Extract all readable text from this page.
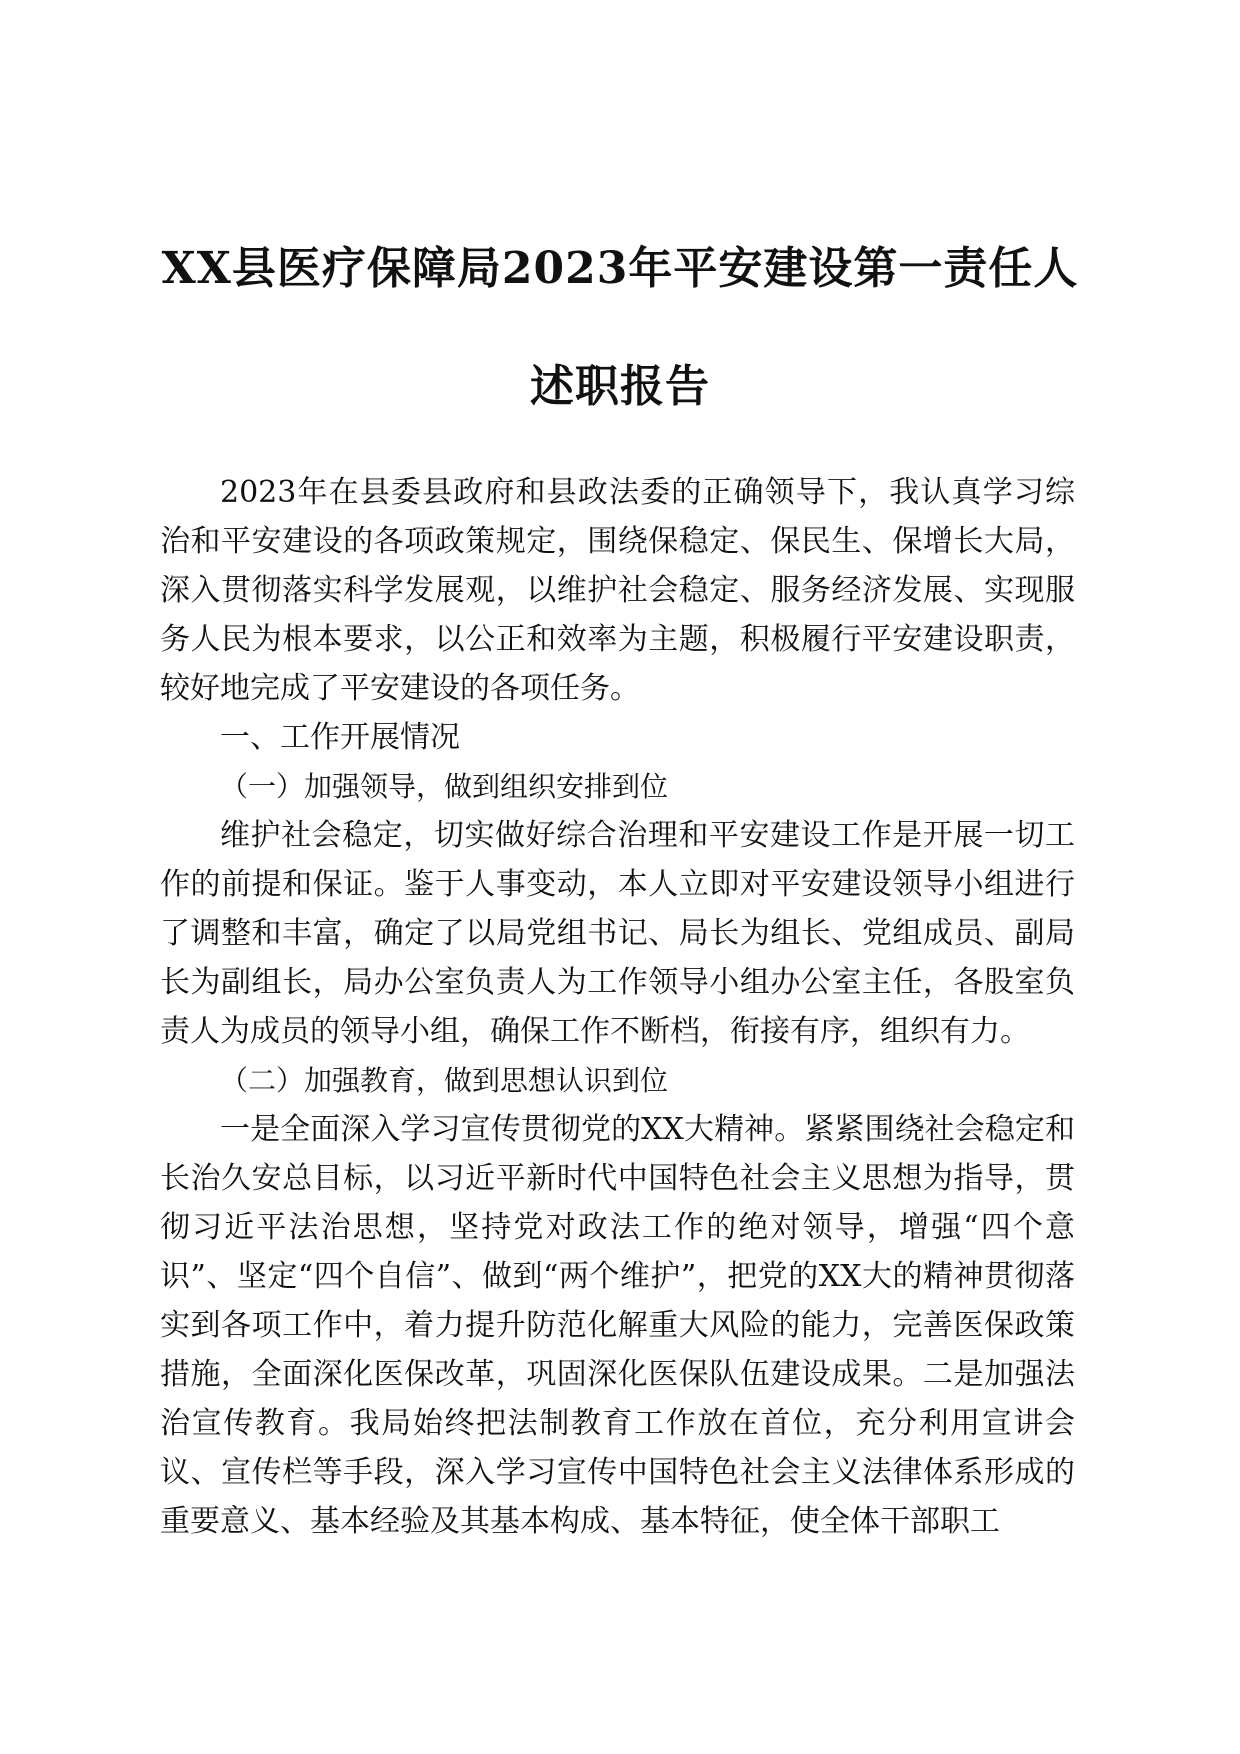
XX县医疗保障局2023年平安建设第一责任人
述职报告

2023年在县委县政府和县政法委的正确领导下，我认真学习综治和平安建设的各项政策规定，围绕保稳定、保民生、保增长大局，深入贯彻落实科学发展观，以维护社会稳定、服务经济发展、实现服务人民为根本要求，以公正和效率为主题，积极履行平安建设职责，较好地完成了平安建设的各项任务。

一、工作开展情况

（一）加强领导，做到组织安排到位

维护社会稳定，切实做好综合治理和平安建设工作是开展一切工作的前提和保证。鉴于人事变动，本人立即对平安建设领导小组进行了调整和丰富，确定了以局党组书记、局长为组长、党组成员、副局长为副组长，局办公室负责人为工作领导小组办公室主任，各股室负责人为成员的领导小组，确保工作不断档，衔接有序，组织有力。

（二）加强教育，做到思想认识到位

一是全面深入学习宣传贯彻党的XX大精神。紧紧围绕社会稳定和长治久安总目标，以习近平新时代中国特色社会主义思想为指导，贯彻习近平法治思想，坚持党对政法工作的绝对领导，增强“四个意识”、坚定“四个自信”、做到“两个维护”，把党的XX大的精神贯彻落实到各项工作中，着力提升防范化解重大风险的能力，完善医保政策措施，全面深化医保改革，巩固深化医保队伍建设成果。二是加强法治宣传教育。我局始终把法制教育工作放在首位，充分利用宣讲会议、宣传栏等手段，深入学习宣传中国特色社会主义法律体系形成的重要意义、基本经验及其基本构成、基本特征，使全体干部职工
